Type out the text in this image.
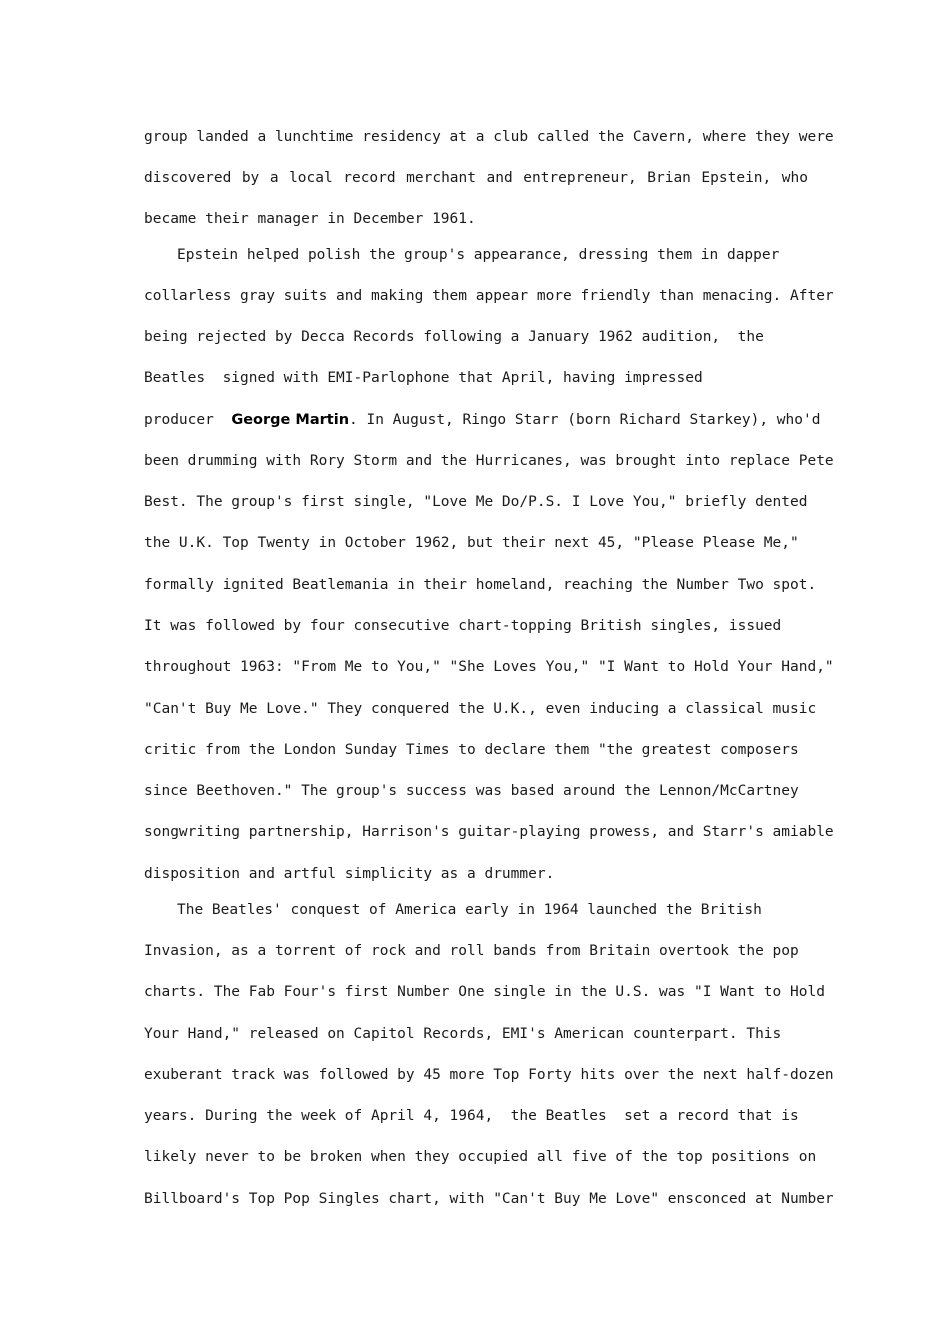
group landed a lunchtime residency at a club called the Cavern, where they were
discovered by a local record merchant and entrepreneur, Brian Epstein, who
became their manager in December 1961.
Epstein helped polish the group's appearance, dressing them in dapper
collarless gray suits and making them appear more friendly than menacing. After
being rejected by Decca Records following a January 1962 audition,  the
Beatles  signed with EMI-Parlophone that April, having impressed
producer  George Martin. In August, Ringo Starr (born Richard Starkey), who'd
been drumming with Rory Storm and the Hurricanes, was brought into replace Pete
Best. The group's first single, "Love Me Do/P.S. I Love You," briefly dented
the U.K. Top Twenty in October 1962, but their next 45, "Please Please Me,"
formally ignited Beatlemania in their homeland, reaching the Number Two spot.
It was followed by four consecutive chart-topping British singles, issued
throughout 1963: "From Me to You," "She Loves You," "I Want to Hold Your Hand,"
"Can't Buy Me Love." They conquered the U.K., even inducing a classical music
critic from the London Sunday Times to declare them "the greatest composers
since Beethoven." The group's success was based around the Lennon/McCartney
songwriting partnership, Harrison's guitar-playing prowess, and Starr's amiable
disposition and artful simplicity as a drummer.
The Beatles' conquest of America early in 1964 launched the British
Invasion, as a torrent of rock and roll bands from Britain overtook the pop
charts. The Fab Four's first Number One single in the U.S. was "I Want to Hold
Your Hand," released on Capitol Records, EMI's American counterpart. This
exuberant track was followed by 45 more Top Forty hits over the next half-dozen
years. During the week of April 4, 1964,  the Beatles  set a record that is
likely never to be broken when they occupied all five of the top positions on
Billboard's Top Pop Singles chart, with "Can't Buy Me Love" ensconced at Number
